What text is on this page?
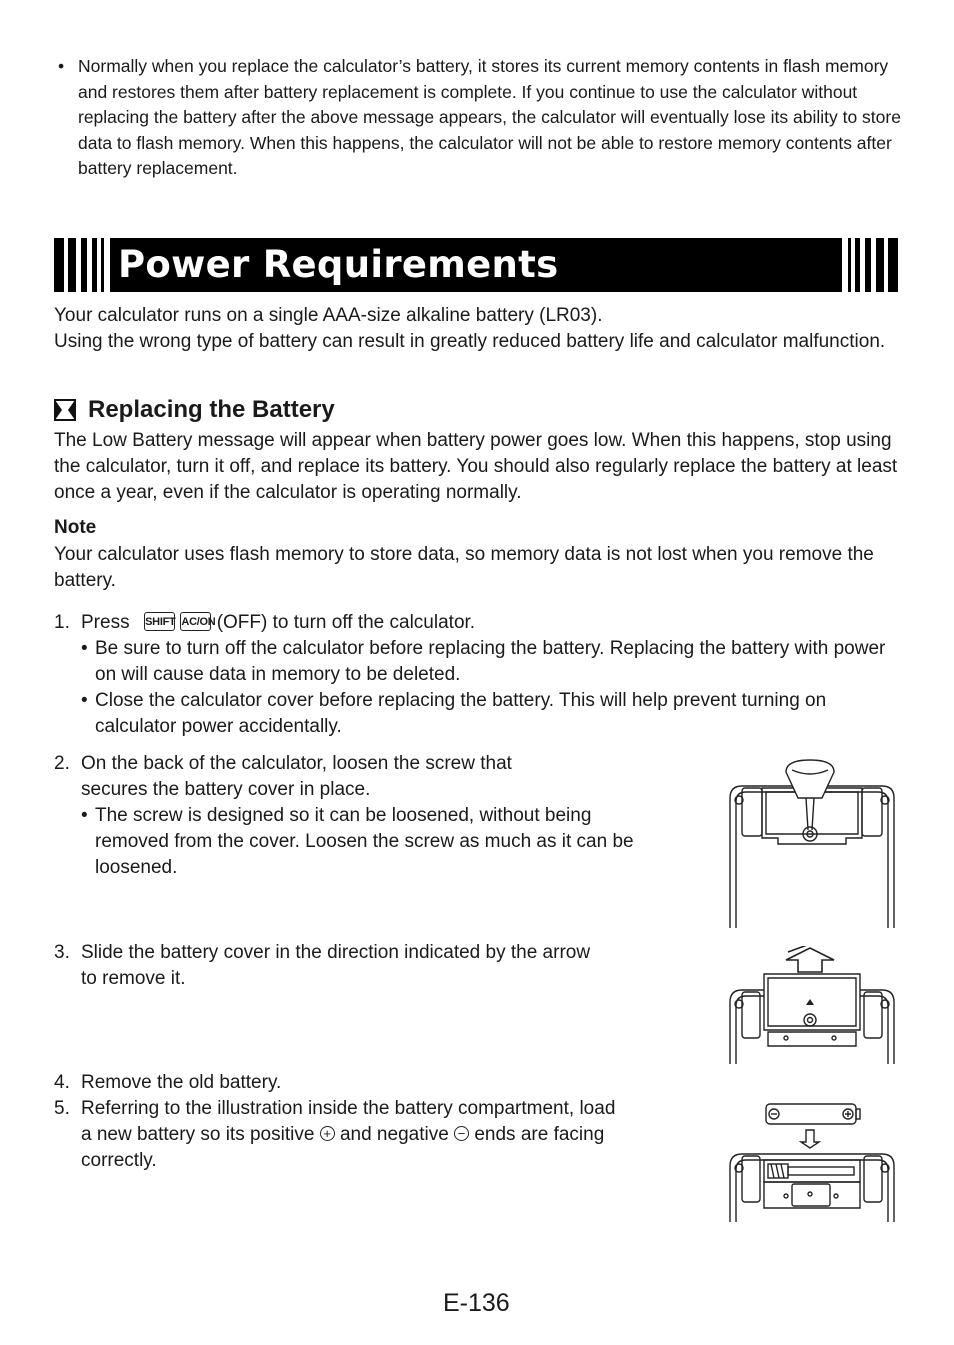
• Normally when you replace the calculator’s battery, it stores its current memory contents in flash memory and restores them after battery replacement is complete. If you continue to use the calculator without replacing the battery after the above message appears, the calculator will eventually lose its ability to store data to flash memory. When this happens, the calculator will not be able to restore memory contents after battery replacement.
Power Requirements
Your calculator runs on a single AAA-size alkaline battery (LR03).
Using the wrong type of battery can result in greatly reduced battery life and calculator malfunction.
Replacing the Battery
The Low Battery message will appear when battery power goes low. When this happens, stop using the calculator, turn it off, and replace its battery. You should also regularly replace the battery at least once a year, even if the calculator is operating normally.
Note
Your calculator uses flash memory to store data, so memory data is not lost when you remove the battery.
1. Press SHIFT AC/ON (OFF) to turn off the calculator.
• Be sure to turn off the calculator before replacing the battery. Replacing the battery with power on will cause data in memory to be deleted.
• Close the calculator cover before replacing the battery. This will help prevent turning on calculator power accidentally.
2. On the back of the calculator, loosen the screw that secures the battery cover in place.
• The screw is designed so it can be loosened, without being removed from the cover. Loosen the screw as much as it can be loosened.
3. Slide the battery cover in the direction indicated by the arrow to remove it.
4. Remove the old battery.
5. Referring to the illustration inside the battery compartment, load a new battery so its positive + and negative − ends are facing correctly.
E-136
